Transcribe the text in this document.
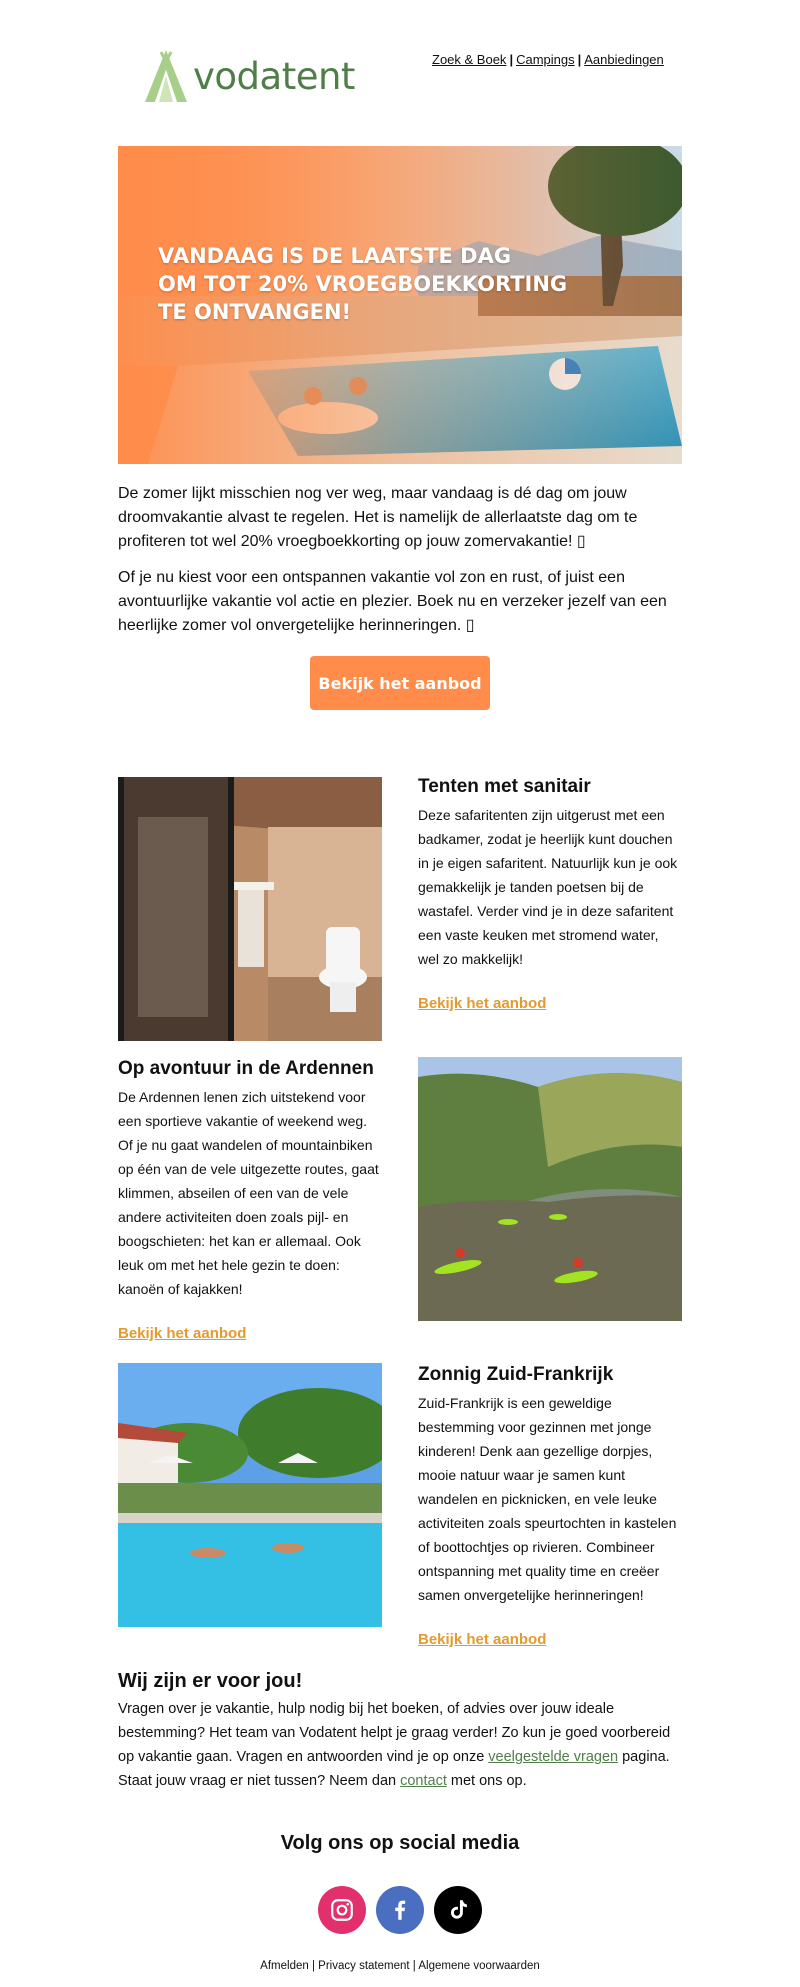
vodatent	Zoek & Boek | Campings | Aanbiedingen
VANDAAG IS DE LAATSTE DAG
OM TOT 20% VROEGBOEKKORTING
TE ONTVANGEN!

De zomer lijkt misschien nog ver weg, maar vandaag is dé dag om jouw droomvakantie alvast te regelen. Het is namelijk de allerlaatste dag om te profiteren tot wel 20% vroegboekkorting op jouw zomervakantie! ▯

Of je nu kiest voor een ontspannen vakantie vol zon en rust, of juist een avontuurlijke vakantie vol actie en plezier. Boek nu en verzeker jezelf van een heerlijke zomer vol onvergetelijke herinneringen. ▯

Bekijk het aanbod
Tenten met sanitair

Deze safaritenten zijn uitgerust met een badkamer, zodat je heerlijk kunt douchen in je eigen safaritent. Natuurlijk kun je ook gemakkelijk je tanden poetsen bij de wastafel. Verder vind je in deze safaritent een vaste keuken met stromend water, wel zo makkelijk!

Bekijk het aanbod
Op avontuur in de Ardennen

De Ardennen lenen zich uitstekend voor een sportieve vakantie of weekend weg. Of je nu gaat wandelen of mountainbiken op één van de vele uitgezette routes, gaat klimmen, abseilen of een van de vele andere activiteiten doen zoals pijl- en boogschieten: het kan er allemaal. Ook leuk om met het hele gezin te doen: kanoën of kajakken!

Bekijk het aanbod
Zonnig Zuid-Frankrijk

Zuid-Frankrijk is een geweldige bestemming voor gezinnen met jonge kinderen! Denk aan gezellige dorpjes, mooie natuur waar je samen kunt wandelen en picknicken, en vele leuke activiteiten zoals speurtochten in kastelen of boottochtjes op rivieren. Combineer ontspanning met quality time en creëer samen onvergetelijke herinneringen!

Bekijk het aanbod
Wij zijn er voor jou!

Vragen over je vakantie, hulp nodig bij het boeken, of advies over jouw ideale bestemming? Het team van Vodatent helpt je graag verder! Zo kun je goed voorbereid op vakantie gaan. Vragen en antwoorden vind je op onze veelgestelde vragen pagina. Staat jouw vraag er niet tussen? Neem dan contact met ons op.

Volg ons op social media
Afmelden | Privacy statement | Algemene voorwaarden
